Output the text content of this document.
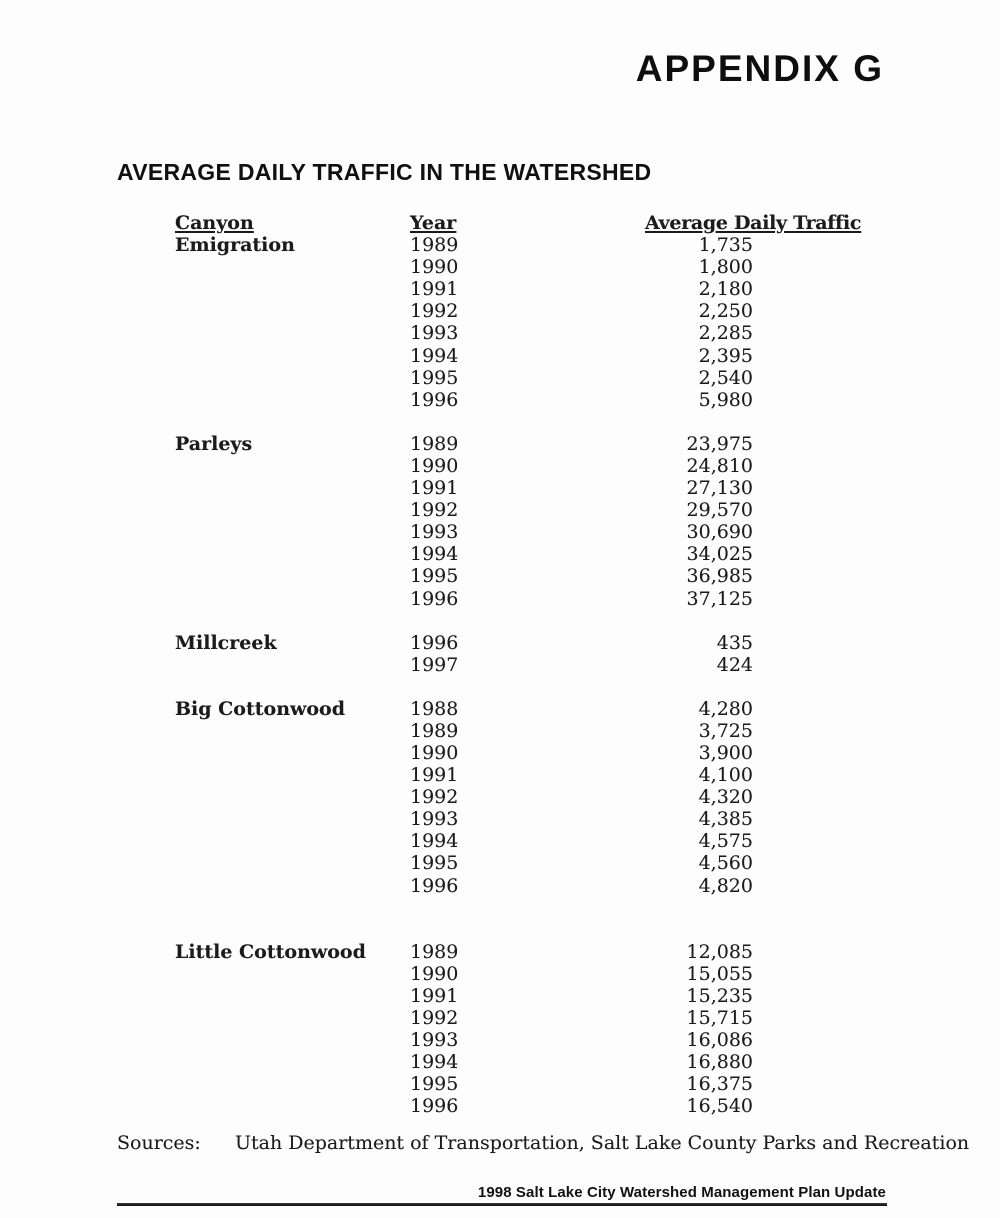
APPENDIX G
AVERAGE DAILY TRAFFIC IN THE WATERSHED
Canyon	Year	Average Daily Traffic
Emigration	1989	1,735
1990	1,800
1991	2,180
1992	2,250
1993	2,285
1994	2,395
1995	2,540
1996	5,980
Parleys	1989	23,975
1990	24,810
1991	27,130
1992	29,570
1993	30,690
1994	34,025
1995	36,985
1996	37,125
Millcreek	1996	435
1997	424
Big Cottonwood	1988	4,280
1989	3,725
1990	3,900
1991	4,100
1992	4,320
1993	4,385
1994	4,575
1995	4,560
1996	4,820
Little Cottonwood	1989	12,085
1990	15,055
1991	15,235
1992	15,715
1993	16,086
1994	16,880
1995	16,375
1996	16,540
Sources: Utah Department of Transportation, Salt Lake County Parks and Recreation
1998 Salt Lake City Watershed Management Plan Update
